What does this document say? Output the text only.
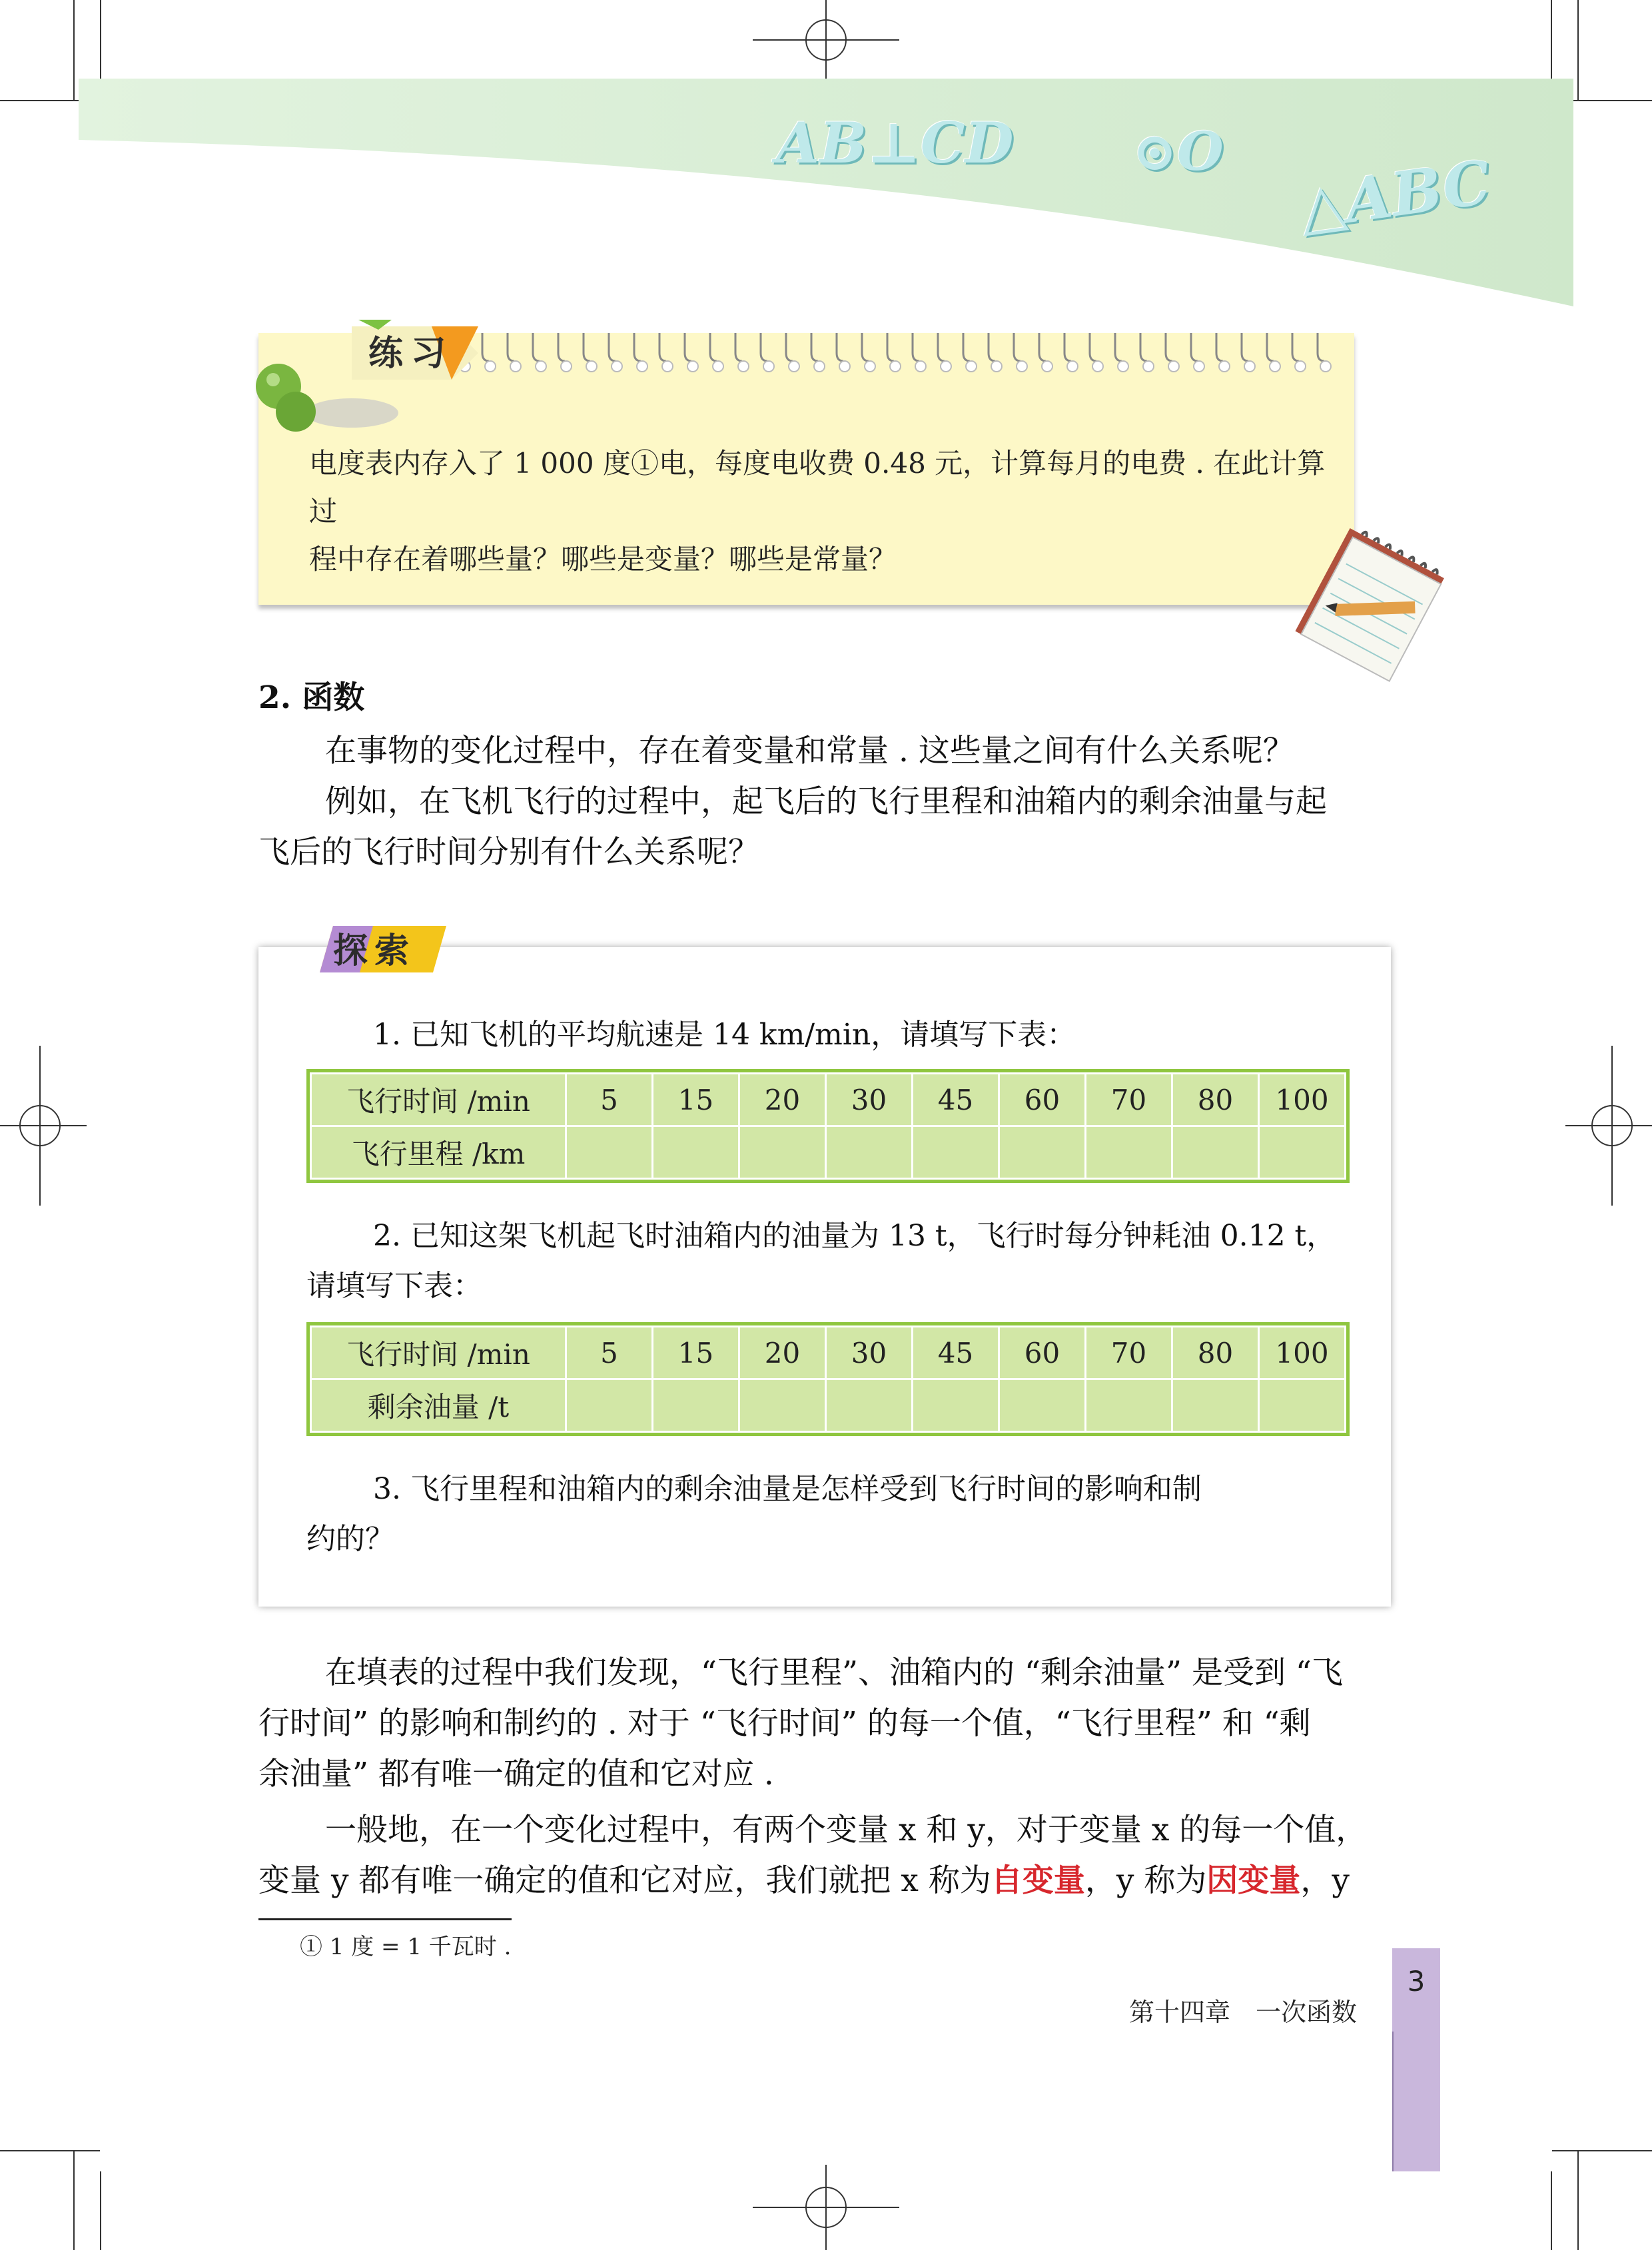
AB⊥CD ⊙O △ABC
练习
电度表内存入了 1 000 度①电，每度电收费 0.48 元，计算每月的电费 . 在此计算过
程中存在着哪些量？哪些是变量？哪些是常量？
2. 函数
在事物的变化过程中，存在着变量和常量 . 这些量之间有什么关系呢？
例如，在飞机飞行的过程中，起飞后的飞行里程和油箱内的剩余油量与起
飞后的飞行时间分别有什么关系呢？
探索
1. 已知飞机的平均航速是 14 km/min，请填写下表：
飞行时间 /min	5	15	20	30	45	60	70	80	100
飞行里程 /km									
2. 已知这架飞机起飞时油箱内的油量为 13 t，飞行时每分钟耗油 0.12 t，
请填写下表：
飞行时间 /min	5	15	20	30	45	60	70	80	100
剩余油量 /t									
3. 飞行里程和油箱内的剩余油量是怎样受到飞行时间的影响和制
约的？
在填表的过程中我们发现，“飞行里程”、油箱内的 “剩余油量” 是受到 “飞
行时间” 的影响和制约的 . 对于 “飞行时间” 的每一个值，“飞行里程” 和 “剩
余油量” 都有唯一确定的值和它对应 .
一般地，在一个变化过程中，有两个变量 x 和 y，对于变量 x 的每一个值，
变量 y 都有唯一确定的值和它对应，我们就把 x 称为自变量，y 称为因变量，y
① 1 度 = 1 千瓦时 .
第十四章　一次函数
3
